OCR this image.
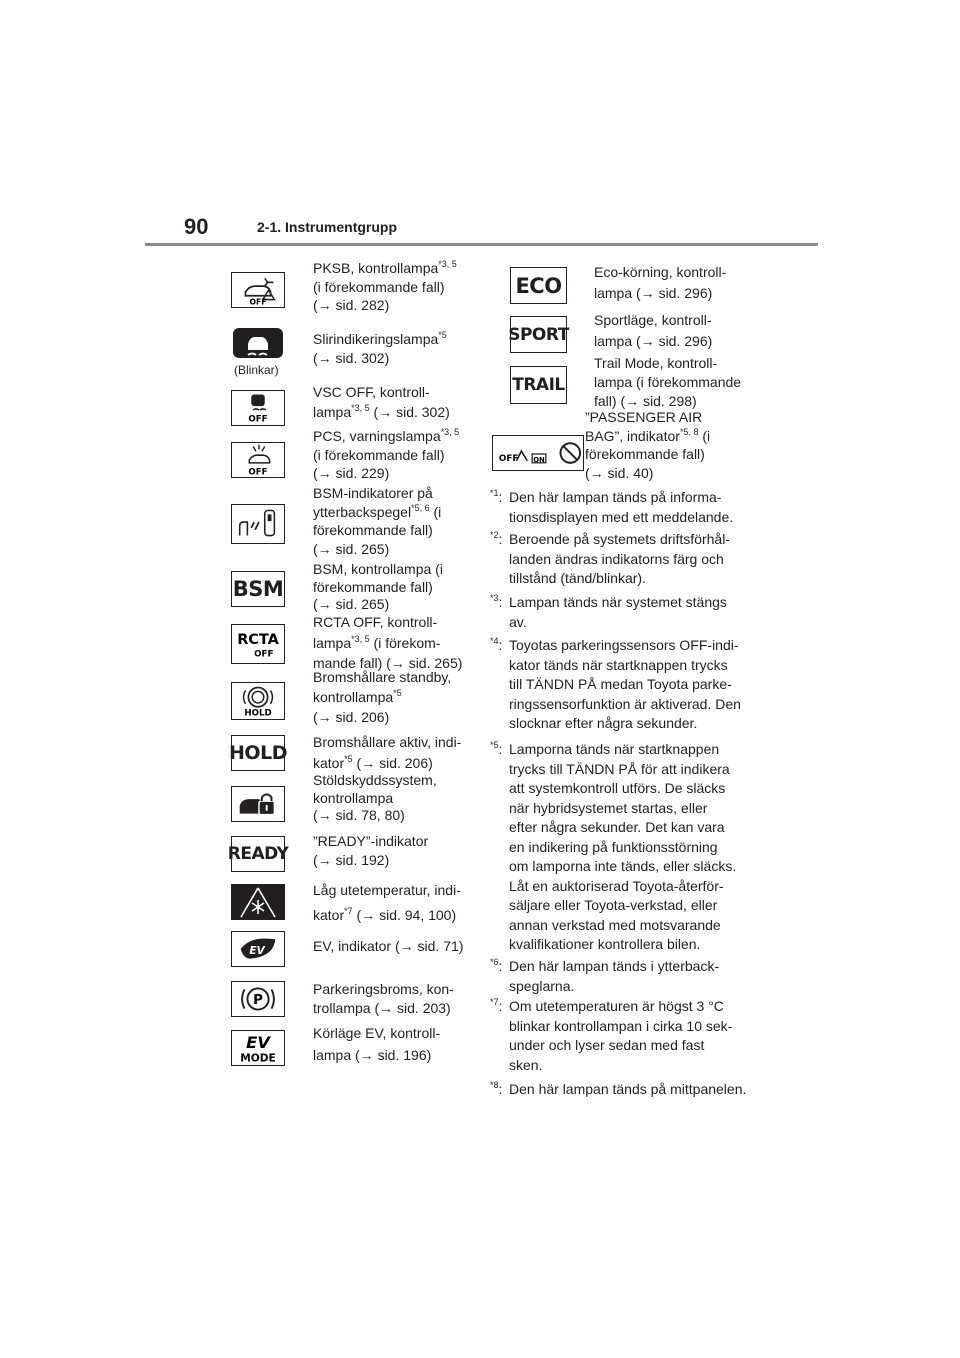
90	2-1. Instrumentgrupp
OFF
PKSB, kontrollampa$^{*3, 5}$
(i förekommande fall)
(→ sid. 282)
(Blinkar)
Slirindikeringslampa$^{*5}$
(→ sid. 302)
OFF
VSC OFF, kontroll-
lampa$^{*3, 5}$ (→ sid. 302)
OFF
PCS, varningslampa$^{*3, 5}$
(i förekommande fall)
(→ sid. 229)
BSM-indikatorer på
ytterbackspegel$^{*5, 6}$ (i
förekommande fall)
(→ sid. 265)
BSM
BSM, kontrollampa (i
förekommande fall)
(→ sid. 265)
RCTA
OFF
RCTA OFF, kontroll-
lampa$^{*3, 5}$ (i förekom-
mande fall) (→ sid. 265)
HOLD
Bromshållare standby,
kontrollampa$^{*5}$
(→ sid. 206)
HOLD Bromshållare aktiv, indi-
kator$^{*5}$ (→ sid. 206)
Stöldskyddssystem,
kontrollampa
(→ sid. 78, 80)
READY
”READY”-indikator
(→ sid. 192)
Låg utetemperatur, indi-
kator$^{*7}$ (→ sid. 94, 100)
EV	EV, indikator (→ sid. 71)
P
Parkeringsbroms, kon-
trollampa (→ sid. 203)
EV
MODE
Körläge EV, kontroll-
lampa (→ sid. 196)
ECO
Eco-körning, kontroll-
lampa (→ sid. 296)
SPORT
Sportläge, kontroll-
lampa (→ sid. 296)
TRAIL
Trail Mode, kontroll-
lampa (i förekommande
fall) (→ sid. 298)
OFF ON
”PASSENGER AIR
BAG”, indikator$^{*5, 8}$ (i
förekommande fall)
(→ sid. 40)
$^{*1}$: Den här lampan tänds på informa-
tionsdisplayen med ett meddelande.
$^{*2}$: Beroende på systemets driftsförhål-
landen ändras indikatorns färg och
tillstånd (tänd/blinkar).
$^{*3}$: Lampan tänds när systemet stängs
av.
$^{*4}$: Toyotas parkeringssensors OFF-indi-
kator tänds när startknappen trycks
till TÄNDN PÅ medan Toyota parke-
ringssensorfunktion är aktiverad. Den
slocknar efter några sekunder.
$^{*5}$: Lamporna tänds när startknappen
trycks till TÄNDN PÅ för att indikera
att systemkontroll utförs. De släcks
när hybridsystemet startas, eller
efter några sekunder. Det kan vara
en indikering på funktionsstörning
om lamporna inte tänds, eller släcks.
Låt en auktoriserad Toyota-återför-
säljare eller Toyota-verkstad, eller
annan verkstad med motsvarande
kvalifikationer kontrollera bilen.
$^{*6}$: Den här lampan tänds i ytterback-
speglarna.
$^{*7}$: Om utetemperaturen är högst 3 °C
blinkar kontrollampan i cirka 10 sek-
under och lyser sedan med fast
sken.
$^{*8}$: Den här lampan tänds på mittpanelen.
